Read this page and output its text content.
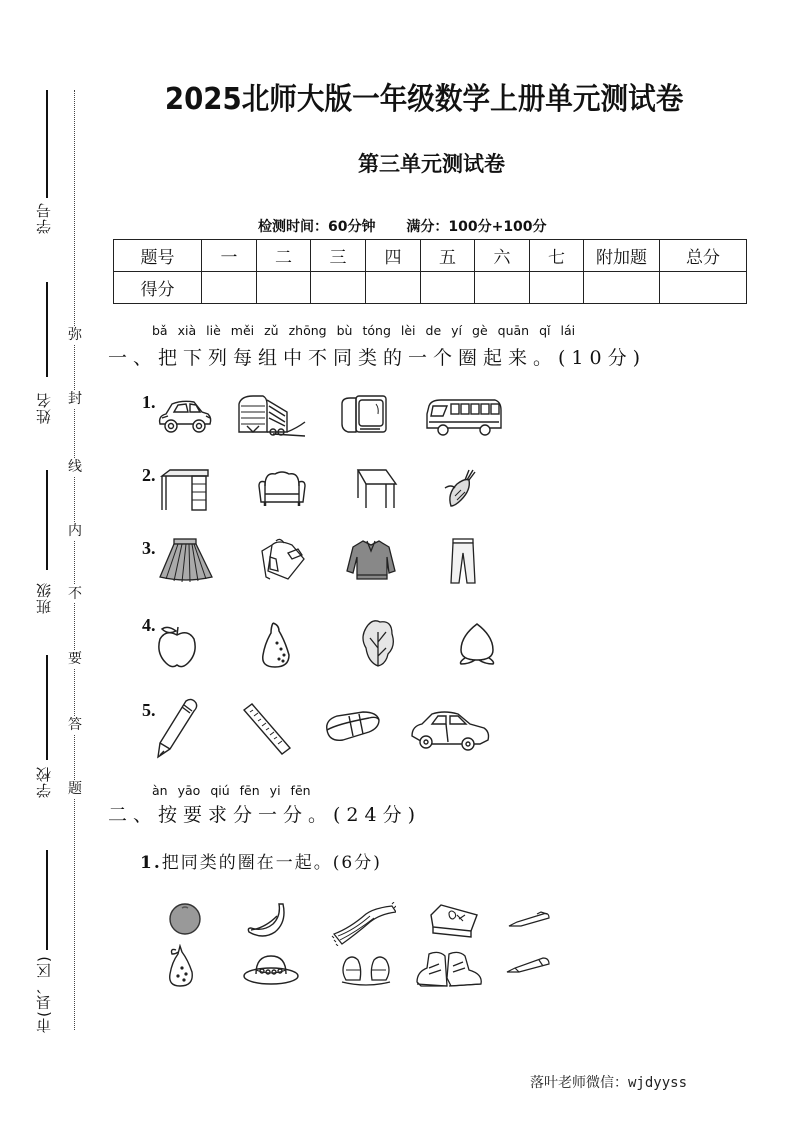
学号
姓名
班级
学校
市(县、区)
弥
封
线
内
不
要
答
题
2025北师大版一年级数学上册单元测试卷
第三单元测试卷
检测时间：60分钟 满分：100分+100分
题号	一	二	三	四	五	六	七	附加题	总分
得分									
bǎ xià liè měi zǔ zhōng bù tóng lèi de yí gè quān qǐ lái
一、把下列每组中不同类的一个圈起来。(10分)
1.
2.
3.
4.
5.
àn yāo qiú fēn yi fēn
二、按要求分一分。(24分)
1.把同类的圈在一起。(6分)
落叶老师微信：wjdyyss
